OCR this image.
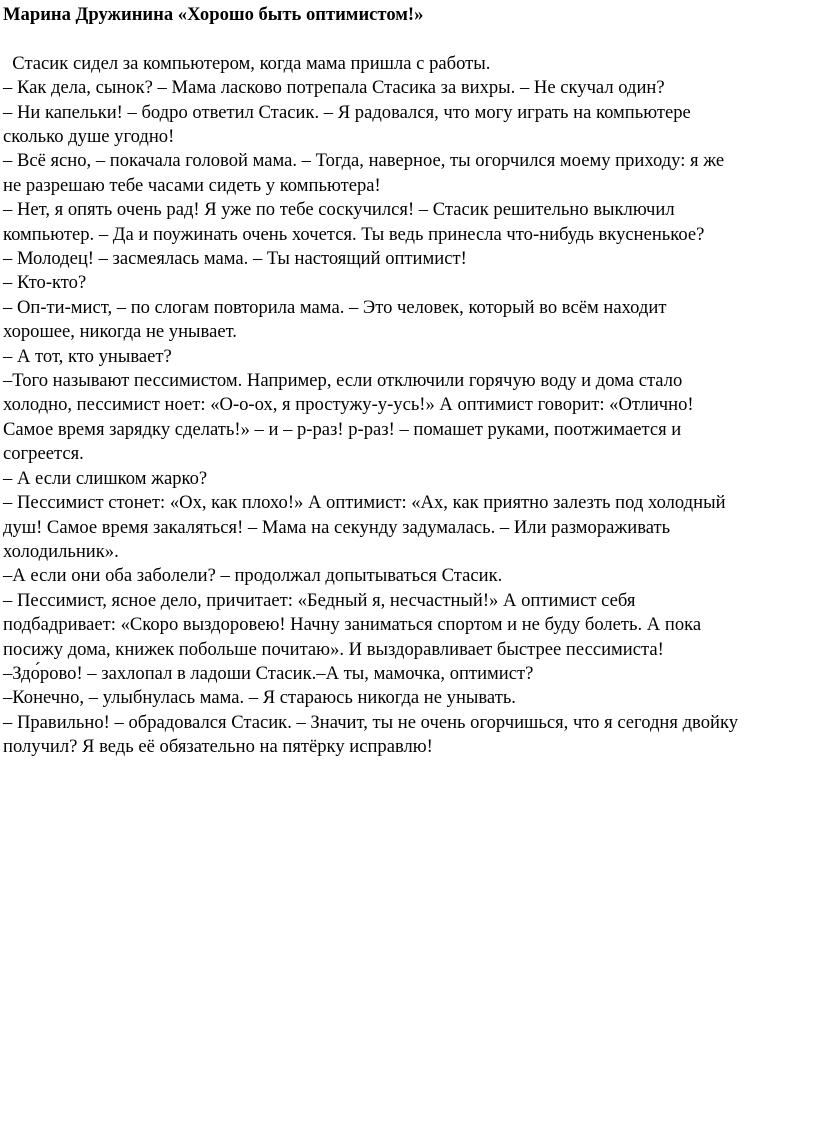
Марина Дружинина «Хорошо быть оптимистом!»
Стасик сидел за компьютером, когда мама пришла с работы.
– Как дела, сынок? – Мама ласково потрепала Стасика за вихры. – Не скучал один?
– Ни капельки! – бодро ответил Стасик. – Я радовался, что могу играть на компьютере
сколько душе угодно!
– Всё ясно, – покачала головой мама. – Тогда, наверное, ты огорчился моему приходу: я же
не разрешаю тебе часами сидеть у компьютера!
– Нет, я опять очень рад! Я уже по тебе соскучился! – Стасик решительно выключил
компьютер. – Да и поужинать очень хочется. Ты ведь принесла что-нибудь вкусненькое?
– Молодец! – засмеялась мама. – Ты настоящий оптимист!
– Кто-кто?
– Оп-ти-мист, – по слогам повторила мама. – Это человек, который во всём находит
хорошее, никогда не унывает.
– А тот, кто унывает?
–Того называют пессимистом. Например, если отключили горячую воду и дома стало
холодно, пессимист ноет: «О-о-ох, я простужу-у-усь!» А оптимист говорит: «Отлично!
Самое время зарядку сделать!» – и – р-раз! р-раз! – помашет руками, поотжимается и
согреется.
– А если слишком жарко?
– Пессимист стонет: «Ох, как плохо!» А оптимист: «Ах, как приятно залезть под холодный
душ! Самое время закаляться! – Мама на секунду задумалась. – Или размораживать
холодильник».
–А если они оба заболели? – продолжал допытываться Стасик.
– Пессимист, ясное дело, причитает: «Бедный я, несчастный!» А оптимист себя
подбадривает: «Скоро выздоровею! Начну заниматься спортом и не буду болеть. А пока
посижу дома, книжек побольше почитаю». И выздоравливает быстрее пессимиста!
–Здо́рово! – захлопал в ладоши Стасик.–А ты, мамочка, оптимист?
–Конечно, – улыбнулась мама. – Я стараюсь никогда не унывать.
– Правильно! – обрадовался Стасик. – Значит, ты не очень огорчишься, что я сегодня двойку
получил? Я ведь её обязательно на пятёрку исправлю!
